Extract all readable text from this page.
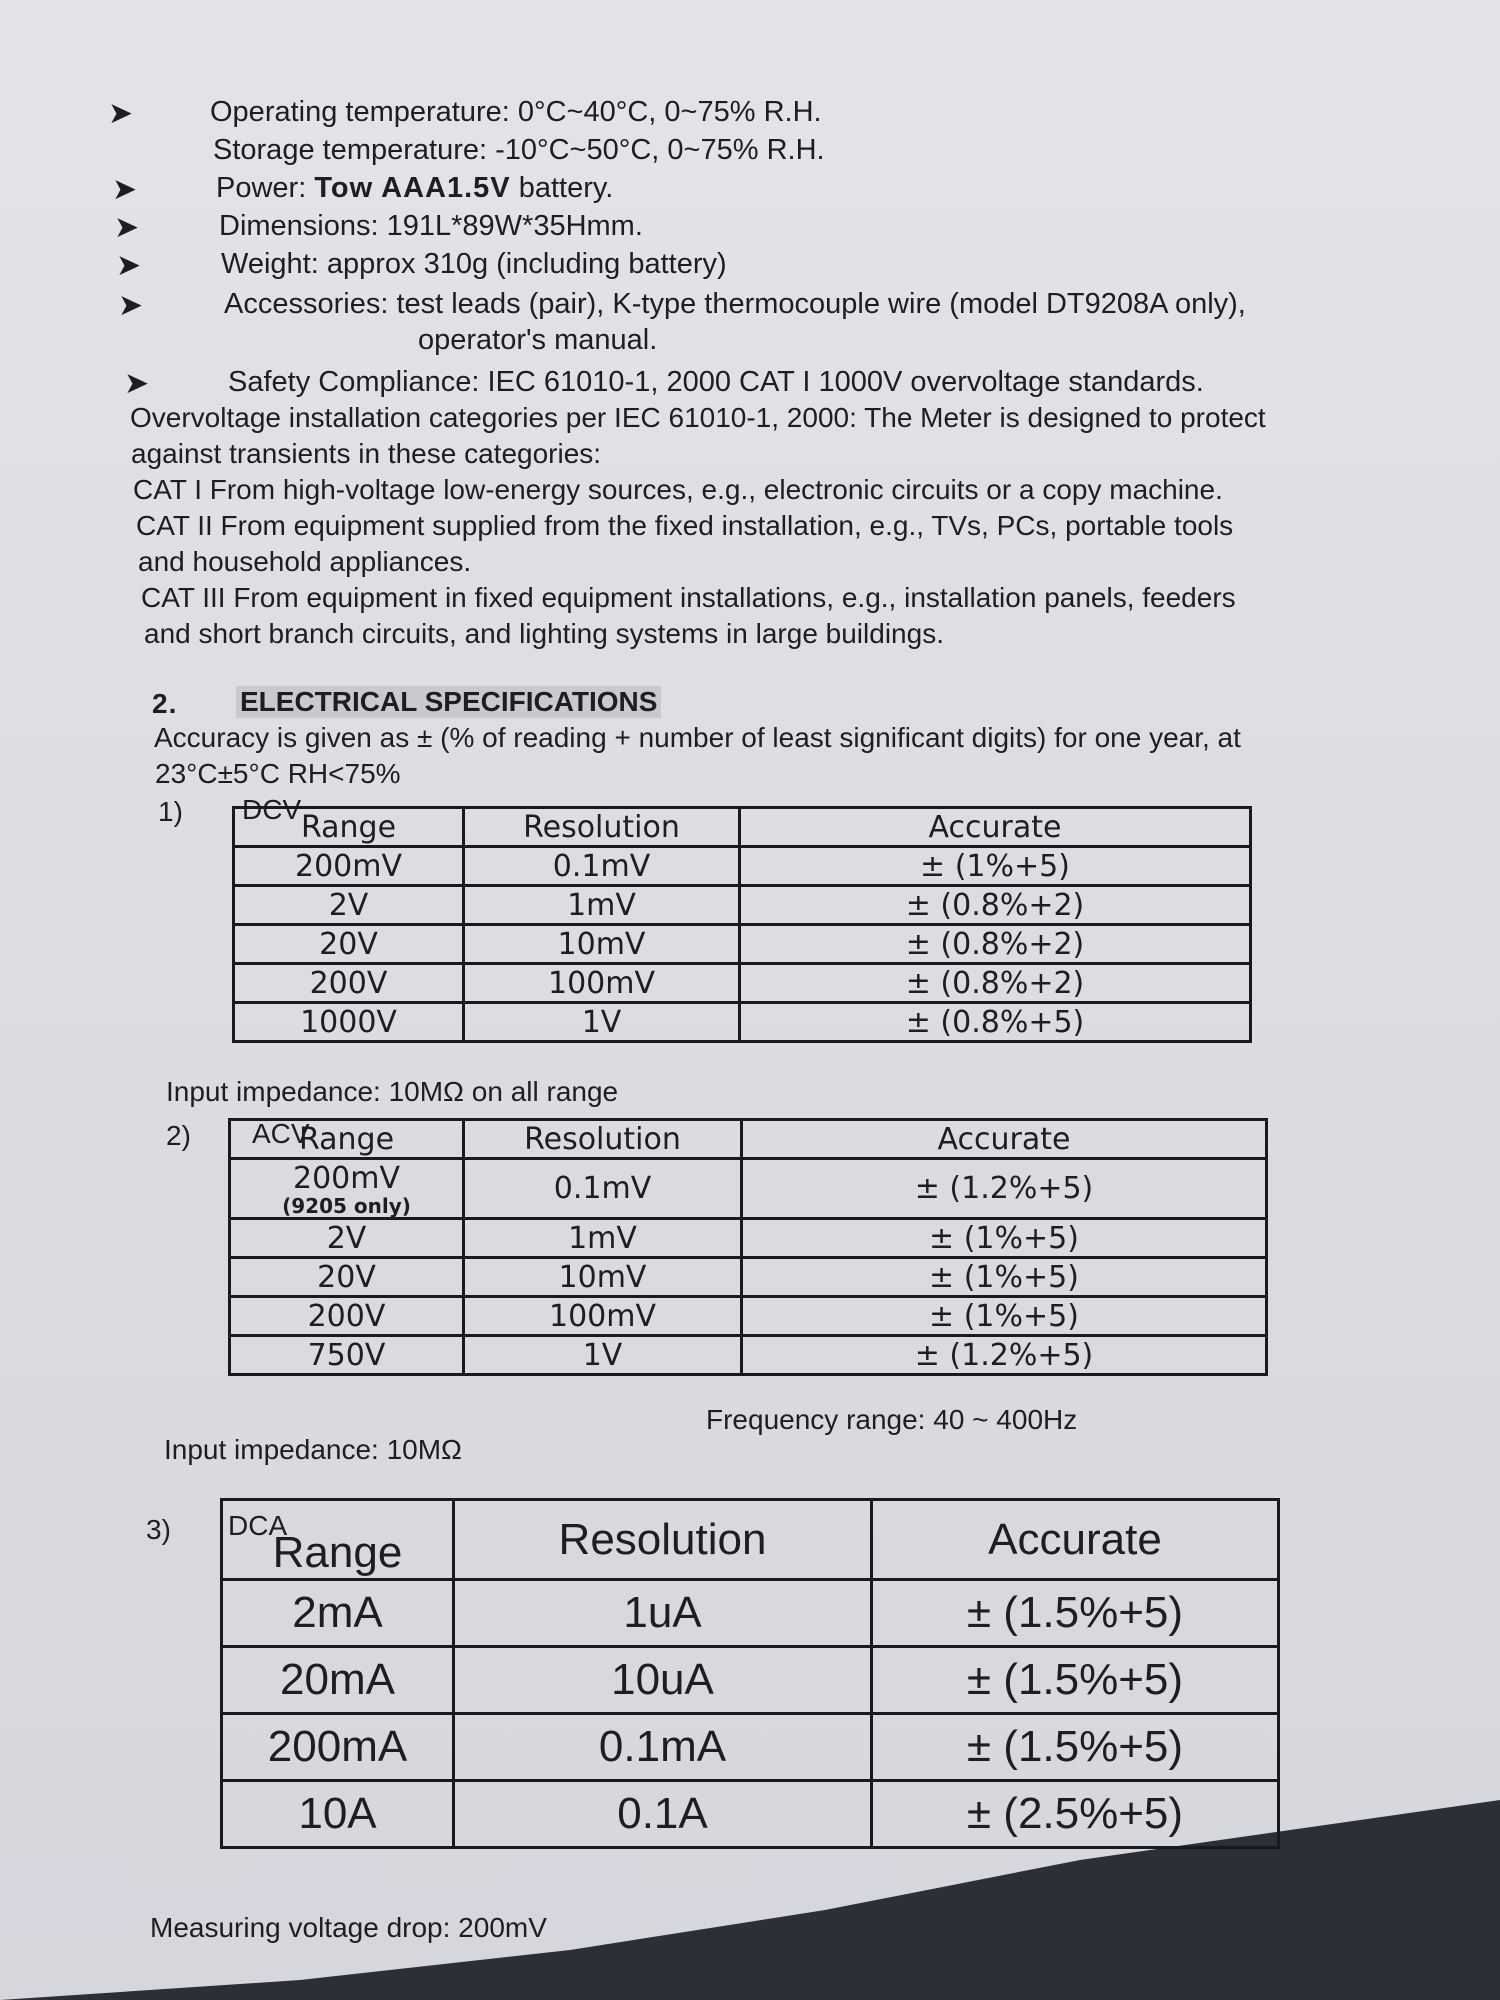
➤	Operating temperature: 0°C~40°C, 0~75% R.H.
Storage temperature: -10°C~50°C, 0~75% R.H.
➤	Power: Tow AAA1.5V battery.
➤	Dimensions: 191L*89W*35Hmm.
➤	Weight: approx 310g (including battery)
➤	Accessories: test leads (pair), K-type thermocouple wire (model DT9208A only),
operator's manual.
➤	Safety Compliance: IEC 61010-1, 2000 CAT I 1000V overvoltage standards.
Overvoltage installation categories per IEC 61010-1, 2000: The Meter is designed to protect
against transients in these categories:
CAT I From high-voltage low-energy sources, e.g., electronic circuits or a copy machine.
CAT II From equipment supplied from the fixed installation, e.g., TVs, PCs, portable tools
and household appliances.
CAT III From equipment in fixed equipment installations, e.g., installation panels, feeders
and short branch circuits, and lighting systems in large buildings.
2. ELECTRICAL SPECIFICATIONS
Accuracy is given as ± (% of reading + number of least significant digits) for one year, at
23°C±5°C RH<75%
1) DCV Range	Resolution	Accurate
200mV	0.1mV	± (1%+5)
2V	1mV	± (0.8%+2)
20V	10mV	± (0.8%+2)
200V	100mV	± (0.8%+2)
1000V	1V	± (0.8%+5)
Input impedance: 10MΩ on all range
2) ACV
Range	Resolution	Accurate
200mV
(9205 only)	0.1mV	± (1.2%+5)
2V	1mV	± (1%+5)
20V	10mV	± (1%+5)
200V	100mV	± (1%+5)
750V	1V	± (1.2%+5)
Input impedance: 10MΩ
Frequency range: 40 ~ 400Hz
3) DCA
Range	Resolution	Accurate
2mA	1uA	± (1.5%+5)
20mA	10uA	± (1.5%+5)
200mA	0.1mA	± (1.5%+5)
10A	0.1A	± (2.5%+5)
Measuring voltage drop: 200mV
